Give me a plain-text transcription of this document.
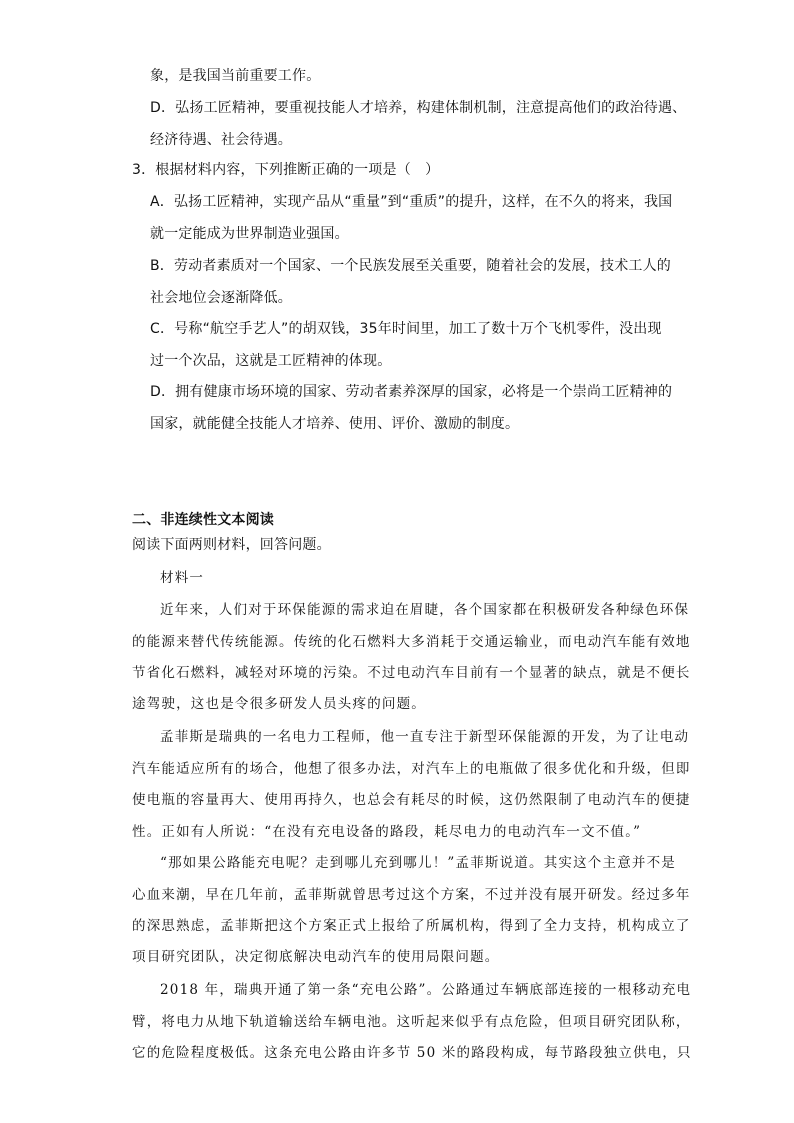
象，是我国当前重要工作。
D．弘扬工匠精神，要重视技能人才培养，构建体制机制，注意提高他们的政治待遇、
经济待遇、社会待遇。
3．根据材料内容，下列推断正确的一项是（　）
A．弘扬工匠精神，实现产品从“重量”到“重质”的提升，这样，在不久的将来，我国
就一定能成为世界制造业强国。
B．劳动者素质对一个国家、一个民族发展至关重要，随着社会的发展，技术工人的
社会地位会逐渐降低。
C．号称“航空手艺人”的胡双钱，35年时间里，加工了数十万个飞机零件，没出现
过一个次品，这就是工匠精神的体现。
D．拥有健康市场环境的国家、劳动者素养深厚的国家，必将是一个崇尚工匠精神的
国家，就能健全技能人才培养、使用、评价、激励的制度。
二、非连续性文本阅读
阅读下面两则材料，回答问题。
材料一
近年来，人们对于环保能源的需求迫在眉睫，各个国家都在积极研发各种绿色环保
的能源来替代传统能源。传统的化石燃料大多消耗于交通运输业，而电动汽车能有效地
节省化石燃料，减轻对环境的污染。不过电动汽车目前有一个显著的缺点，就是不便长
途驾驶，这也是令很多研发人员头疼的问题。
孟菲斯是瑞典的一名电力工程师，他一直专注于新型环保能源的开发，为了让电动
汽车能适应所有的场合，他想了很多办法，对汽车上的电瓶做了很多优化和升级，但即
使电瓶的容量再大、使用再持久，也总会有耗尽的时候，这仍然限制了电动汽车的便捷
性。正如有人所说：“在没有充电设备的路段，耗尽电力的电动汽车一文不值。”
“那如果公路能充电呢？走到哪儿充到哪儿！”孟菲斯说道。其实这个主意并不是
心血来潮，早在几年前，孟菲斯就曾思考过这个方案，不过并没有展开研发。经过多年
的深思熟虑，孟菲斯把这个方案正式上报给了所属机构，得到了全力支持，机构成立了
项目研究团队，决定彻底解决电动汽车的使用局限问题。
2018 年，瑞典开通了第一条“充电公路”。公路通过车辆底部连接的一根移动充电
臂，将电力从地下轨道输送给车辆电池。这听起来似乎有点危险，但项目研究团队称，
它的危险程度极低。这条充电公路由许多节 50 米的路段构成，每节路段独立供电，只
